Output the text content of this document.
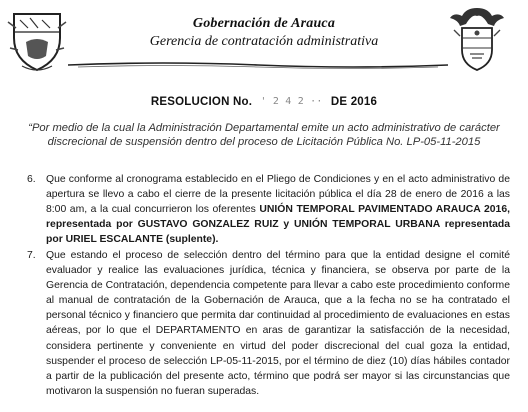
Gobernación de Arauca
Gerencia de contratación administrativa
RESOLUCION No. ' 2 4 2 ·· DE 2016
“Por medio de la cual la Administración Departamental emite un acto administrativo de carácter discrecional de suspensión dentro del proceso de Licitación Pública No. LP-05-11-2015
6. Que conforme al cronograma establecido en el Pliego de Condiciones y en el acto administrativo de apertura se llevo a cabo el cierre de la presente licitación pública el día 28 de enero de 2016 a las 8:00 am, a la cual concurrieron los oferentes UNIÓN TEMPORAL PAVIMENTADO ARAUCA 2016, representada por GUSTAVO GONZALEZ RUIZ y UNIÓN TEMPORAL URBANA representada por URIEL ESCALANTE (suplente).
7. Que estando el proceso de selección dentro del término para que la entidad designe el comité evaluador y realice las evaluaciones jurídica, técnica y financiera, se observa por parte de la Gerencia de Contratación, dependencia competente para llevar a cabo este procedimiento conforme al manual de contratación de la Gobernación de Arauca, que a la fecha no se ha contratado el personal técnico y financiero que permita dar continuidad al procedimiento de evaluaciones en estas aéreas, por lo que el DEPARTAMENTO en aras de garantizar la satisfacción de la necesidad, considera pertinente y conveniente en virtud del poder discrecional del cual goza la entidad, suspender el proceso de selección LP-05-11-2015, por el término de diez (10) días hábiles contador a partir de la publicación del presente acto, término que podrá ser mayor si las circunstancias que motivaron la suspensión no fueran superadas.
